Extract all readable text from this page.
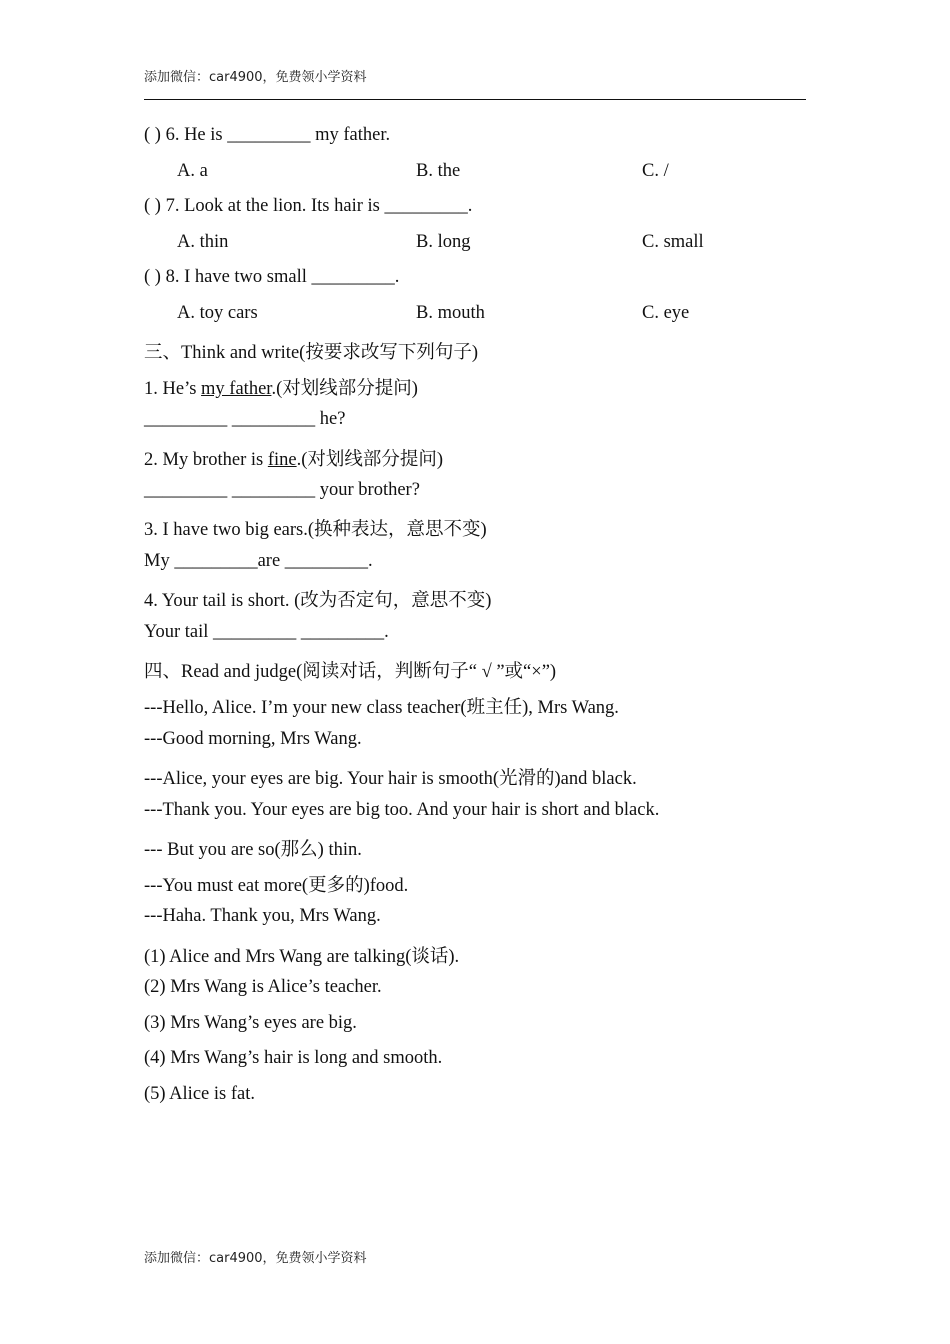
添加微信：car4900，免费领小学资料
( ) 6. He is _________ my father.
A. a	B. the	C. /
( ) 7. Look at the lion. Its hair is _________.
A. thin	B. long	C. small
( ) 8. I have two small _________.
A. toy cars	B. mouth	C. eye
三、Think and write(按要求改写下列句子)
1. He’s my father.(对划线部分提问)
_________ _________ he?
2. My brother is fine.(对划线部分提问)
_________ _________ your brother?
3. I have two big ears.(换种表达，意思不变)
My _________are _________.
4. Your tail is short. (改为否定句，意思不变)
Your tail _________ _________.
四、Read and judge(阅读对话，判断句子“ √ ”或“×”)
---Hello, Alice. I’m your new class teacher(班主任), Mrs Wang.
---Good morning, Mrs Wang.
---Alice, your eyes are big. Your hair is smooth(光滑的)and black.
---Thank you. Your eyes are big too. And your hair is short and black.
--- But you are so(那么) thin.
---You must eat more(更多的)food.
---Haha. Thank you, Mrs Wang.
(1) Alice and Mrs Wang are talking(谈话).
(2) Mrs Wang is Alice’s teacher.
(3) Mrs Wang’s eyes are big.
(4) Mrs Wang’s hair is long and smooth.
(5) Alice is fat.
添加微信：car4900，免费领小学资料
